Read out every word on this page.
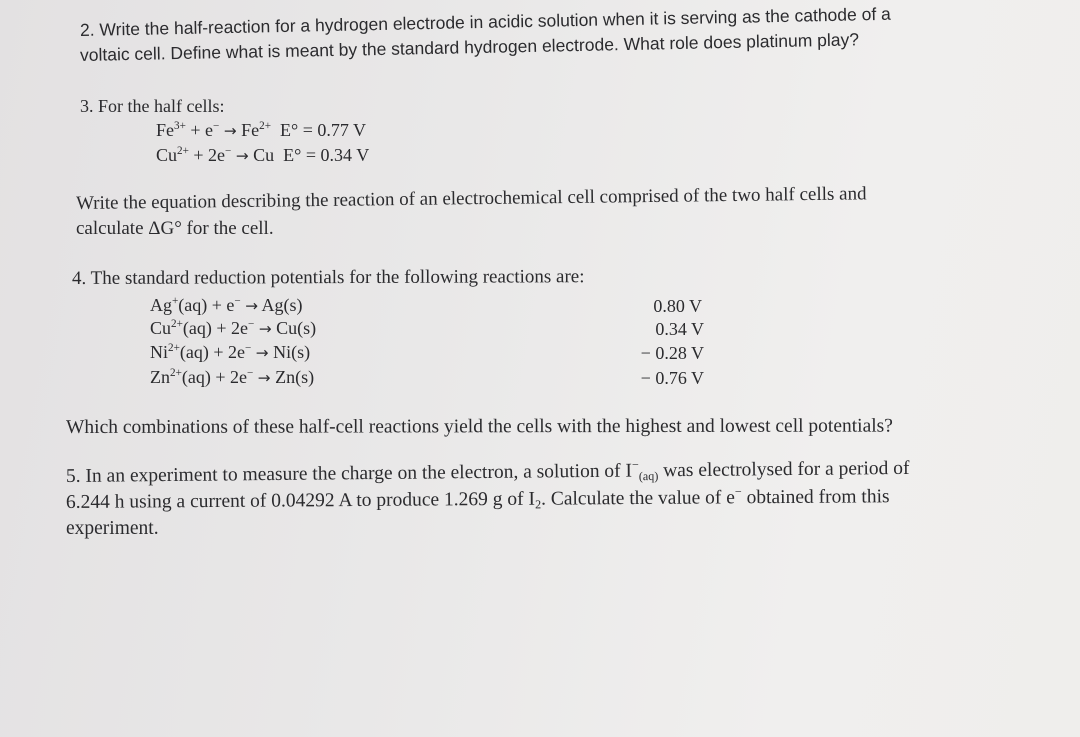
2. Write the half-reaction for a hydrogen electrode in acidic solution when it is serving as the cathode of a
voltaic cell. Define what is meant by the standard hydrogen electrode. What role does platinum play?
3. For the half cells:
$Fe^{3+} + e^- \to Fe^{2+}$ E° = 0.77 V
$Cu^{2+} + 2e^- \to Cu$ E° = 0.34 V
Write the equation describing the reaction of an electrochemical cell comprised of the two half cells and
calculate ΔG° for the cell.
4. The standard reduction potentials for the following reactions are:
Ag+(aq) + e− → Ag(s)	0.80 V
$Cu^{2+}(aq) + 2e^- \to Cu(s)$	0.34 V
$Ni^{2+}(aq) + 2e^- \to Ni(s)$	− 0.28 V
$Zn^{2+}(aq) + 2e^- \to Zn(s)$	− 0.76 V
Which combinations of these half-cell reactions yield the cells with the highest and lowest cell potentials?
5. In an experiment to measure the charge on the electron, a solution of $I^-_{(aq)}$ was electrolysed for a period of
6.244 h using a current of 0.04292 A to produce 1.269 g of $I_2$. Calculate the value of e− obtained from this
experiment.
